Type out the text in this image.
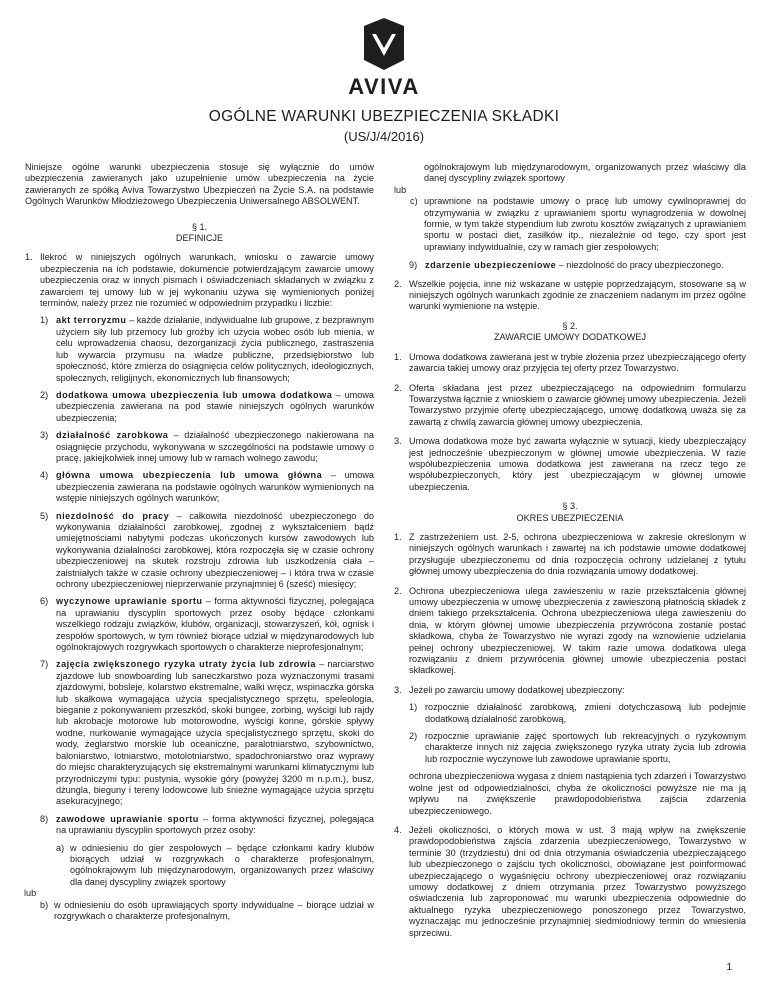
AVIVA
OGÓLNE WARUNKI UBEZPIECZENIA SKŁADKI
(US/J/4/2016)

Niniejsze ogólne warunki ubezpieczenia stosuje się wyłącznie do umów ubezpieczenia zawieranych jako uzupełnienie umów ubezpieczenia na życie zawieranych ze spółką Aviva Towarzystwo Ubezpieczeń na Życie S.A. na podstawie Ogólnych Warunków Młodzieżowego Ubezpieczenia Uniwersalnego ABSOLWENT.

§ 1.
DEFINICJE
1. Ilekroć w niniejszych ogólnych warunkach, wniosku o zawarcie umowy ubezpieczenia na ich podstawie, dokumencie potwierdzającym zawarcie umowy ubezpieczenia oraz w innych pismach i oświadczeniach składanych w związku z zawarciem tej umowy lub w jej wykonaniu używa się wymienionych poniżej terminów, należy przez nie rozumieć w odpowiednim przypadku i liczbie:

1) akt terroryzmu – każde działanie, indywidualne lub grupowe, z bezprawnym użyciem siły lub przemocy lub groźby ich użycia wobec osób lub mienia, w celu wprowadzenia chaosu, dezorganizacji życia publicznego, zastraszenia lub wywarcia przymusu na władze publiczne, przedsiębiorstwo lub społeczność, które zmierza do osiągnięcia celów politycznych, ideologicznych, społecznych, religijnych, ekonomicznych lub finansowych;

2) dodatkowa umowa ubezpieczenia lub umowa dodatkowa – umowa ubezpieczenia zawierana na pod stawie niniejszych ogólnych warunków ubezpieczenia;

3) działalność zarobkowa – działalność ubezpieczonego nakierowana na osiągnięcie przychodu, wykonywana w szczególności na podstawie umowy o pracę, jakiejkolwiek innej umowy lub w ramach wolnego zawodu;

4) główna umowa ubezpieczenia lub umowa główna – umowa ubezpieczenia zawierana na podstawie ogólnych warunków wymienionych na wstępie niniejszych ogólnych warunków;

5) niezdolność do pracy – całkowita niezdolność ubezpieczonego do wykonywania działalności zarobkowej, zgodnej z wykształceniem bądź umiejętnościami nabytymi podczas ukończonych kursów zawodowych lub wykonywania działalności zarobkowej, która rozpoczęła się w czasie ochrony ubezpieczeniowej na skutek rozstroju zdrowia lub uszkodzenia ciała – zaistniałych także w czasie ochrony ubezpieczeniowej – i która trwa w czasie ochrony ubezpieczeniowej nieprzerwanie przynajmniej 6 (sześć) miesięcy;

6) wyczynowe uprawianie sportu – forma aktywności fizycznej, polegająca na uprawianiu dyscyplin sportowych przez osoby będące członkami wszelkiego rodzaju związków, klubów, organizacji, stowarzyszeń, kół, ognisk i zespołów sportowych, w tym również biorące udział w międzynarodowych lub ogólnokrajowych rozgrywkach sportowych o charakterze nieprofesjonalnym;

7) zajęcia zwiększonego ryzyka utraty życia lub zdrowia – narciarstwo zjazdowe lub snowboarding lub saneczkarstwo poza wyznaczonymi trasami zjazdowymi, bobsleje, kolarstwo ekstremalne, walki wręcz, wspinaczka górska lub skałkowa wymagająca użycia specjalistycznego sprzętu, speleologia, bieganie z pokonywaniem przeszkód, skoki bungee, zorbing, wyścigi lub rajdy lub akrobacje motorowe lub motorowodne, wyścigi konne, górskie spływy wodne, nurkowanie wymagające użycia specjalistycznego sprzętu, skoki do wody, żeglarstwo morskie lub oceaniczne, paralotniarstwo, szybownictwo, baloniarstwo, lotniarstwo, motolotniarstwo, spadochroniarstwo oraz wyprawy do miejsc charakteryzujących się ekstremalnymi warunkami klimatycznymi lub przyrodniczymi typu: pustynia, wysokie góry (powyżej 3200 m n.p.m.), busz, dżungla, bieguny i tereny lodowcowe lub śnieżne wymagające użycia sprzętu asekuracyjnego;

8) zawodowe uprawianie sportu – forma aktywności fizycznej, polegająca na uprawianiu dyscyplin sportowych przez osoby:

a) w odniesieniu do gier zespołowych – będące członkami kadry klubów biorących udział w rozgrywkach o charakterze profesjonalnym, ogólnokrajowym lub międzynarodowym, organizowanych przez właściwy dla danej dyscypliny związek sportowy

lub
b) w odniesieniu do osób uprawiających sporty indywidualne – biorące udział w rozgrywkach o charakterze profesjonalnym,

ogólnokrajowym lub międzynarodowym, organizowanych przez właściwy dla danej dyscypliny związek sportowy

lub
c) uprawnione na podstawie umowy o pracę lub umowy cywilnoprawnej do otrzymywania w związku z uprawianiem sportu wynagrodzenia w dowolnej formie, w tym także stypendium lub zwrotu kosztów związanych z uprawianiem sportu w postaci diet, zasiłków itp., niezależnie od tego, czy sport jest uprawiany indywidualnie, czy w ramach gier zespołowych;

9) zdarzenie ubezpieczeniowe – niezdolność do pracy ubezpieczonego.

2. Wszelkie pojęcia, inne niż wskazane w ustępie poprzedzającym, stosowane są w niniejszych ogólnych warunkach zgodnie ze znaczeniem nadanym im przez ogólne warunki wymienione na wstępie.

§ 2.
ZAWARCIE UMOWY DODATKOWEJ
1. Umowa dodatkowa zawierana jest w trybie złożenia przez ubezpieczającego oferty zawarcia takiej umowy oraz przyjęcia tej oferty przez Towarzystwo.

2. Oferta składana jest przez ubezpieczającego na odpowiednim formularzu Towarzystwa łącznie z wnioskiem o zawarcie głównej umowy ubezpieczenia. Jeżeli Towarzystwo przyjmie ofertę ubezpieczającego, umowę dodatkową uważa się za zawartą z chwilą zawarcia głównej umowy ubezpieczenia.

3. Umowa dodatkowa może być zawarta wyłącznie w sytuacji, kiedy ubezpieczający jest jednocześnie ubezpieczonym w głównej umowie ubezpieczenia. W razie współubezpieczenia umowa dodatkowa jest zawierana na rzecz tego ze współubezpieczonych, który jest ubezpieczającym w głównej umowie ubezpieczenia.

§ 3.
OKRES UBEZPIECZENIA
1. Z zastrzeżeniem ust. 2-5, ochrona ubezpieczeniowa w zakresie określonym w niniejszych ogólnych warunkach i zawartej na ich podstawie umowie dodatkowej przysługuje ubezpieczonemu od dnia rozpoczęcia ochrony udzielanej z tytułu głównej umowy ubezpieczenia do dnia rozwiązania umowy dodatkowej.

2. Ochrona ubezpieczeniowa ulega zawieszeniu w razie przekształcenia głównej umowy ubezpieczenia w umowę ubezpieczenia z zawieszoną płatnością składek z dniem takiego przekształcenia. Ochrona ubezpieczeniowa ulega zawieszeniu do dnia, w którym głównej umowie ubezpieczenia przywrócona zostanie postać składkowa, chyba że Towarzystwo nie wyrazi zgody na wznowienie udzielania pełnej ochrony ubezpieczeniowej. W takim razie umowa dodatkowa ulega rozwiązaniu z dniem przywrócenia głównej umowie ubezpieczenia postaci składkowej.

3. Jeżeli po zawarciu umowy dodatkowej ubezpieczony:

1) rozpocznie działalność zarobkową, zmieni dotychczasową lub podejmie dodatkową działalność zarobkową,

2) rozpocznie uprawianie zajęć sportowych lub rekreacyjnych o ryzykownym charakterze innych niż zajęcia zwiększonego ryzyka utraty życia lub zdrowia lub rozpocznie wyczynowe lub zawodowe uprawianie sportu,

ochrona ubezpieczeniowa wygasa z dniem nastąpienia tych zdarzeń i Towarzystwo wolne jest od odpowiedzialności, chyba że okoliczności powyższe nie ma ją wpływu na zwiększenie prawdopodobieństwa zajścia zdarzenia ubezpieczeniowego.

4. Jeżeli okoliczności, o których mowa w ust. 3 mają wpływ na zwiększenie prawdopodobieństwa zajścia zdarzenia ubezpieczeniowego, Towarzystwo w terminie 30 (trzydziestu) dni od dnia otrzymania oświadczenia ubezpieczającego lub ubezpieczonego o zajściu tych okoliczności, obowiązane jest poinformować ubezpieczającego o wygaśnięciu ochrony ubezpieczeniowej oraz rozwiązaniu umowy dodatkowej z dniem otrzymania przez Towarzystwo powyższego oświadczenia lub zaproponować mu warunki ubezpieczenia odpowiednie do aktualnego ryzyka ubezpieczeniowego ponoszonego przez Towarzystwo, wyznaczając mu jednocześnie przynajmniej siedmiodniowy termin do wniesienia sprzeciwu.

1
